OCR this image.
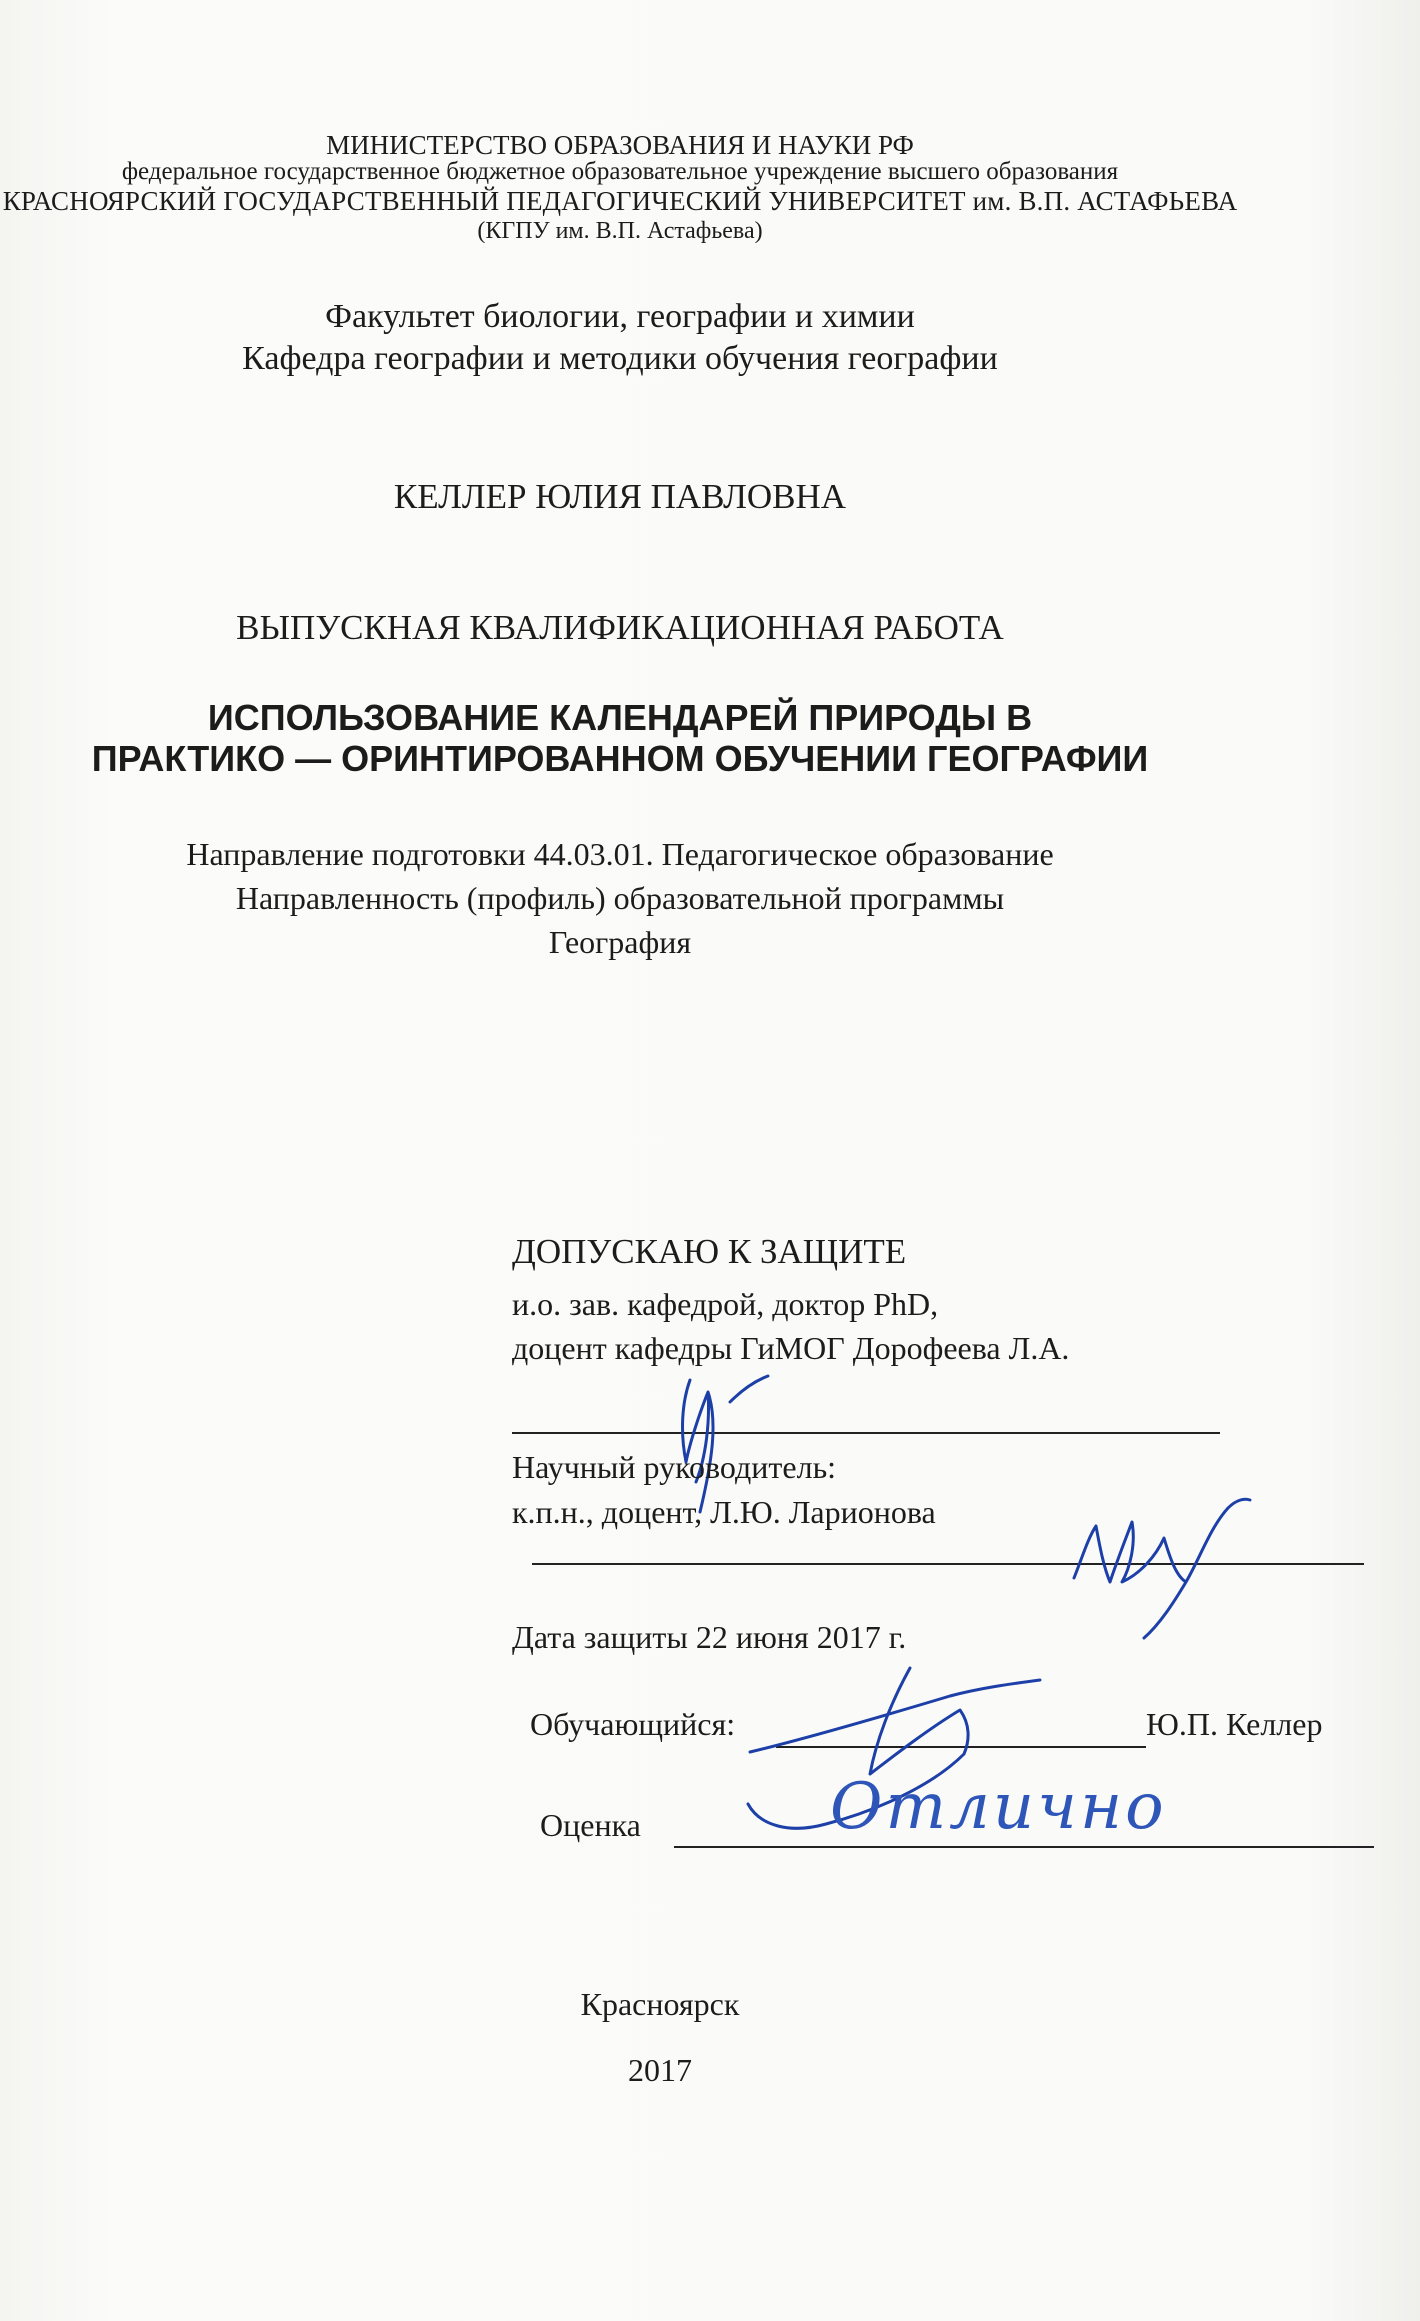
МИНИСТЕРСТВО ОБРАЗОВАНИЯ И НАУКИ РФ
федеральное государственное бюджетное образовательное учреждение высшего образования
КРАСНОЯРСКИЙ ГОСУДАРСТВЕННЫЙ ПЕДАГОГИЧЕСКИЙ УНИВЕРСИТЕТ им. В.П. АСТАФЬЕВА
(КГПУ им. В.П. Астафьева)
Факультет биологии, географии и химии
Кафедра географии и методики обучения географии
КЕЛЛЕР ЮЛИЯ ПАВЛОВНА
ВЫПУСКНАЯ КВАЛИФИКАЦИОННАЯ РАБОТА
ИСПОЛЬЗОВАНИЕ КАЛЕНДАРЕЙ ПРИРОДЫ В
ПРАКТИКО — ОРИНТИРОВАННОМ ОБУЧЕНИИ ГЕОГРАФИИ
Направление подготовки 44.03.01. Педагогическое образование
Направленность (профиль) образовательной программы
География
ДОПУСКАЮ К ЗАЩИТЕ
и.о. зав. кафедрой, доктор PhD,
доцент кафедры ГиМОГ Дорофеева Л.А.
Научный руководитель:
к.п.н., доцент, Л.Ю. Ларионова
Дата защиты 22 июня 2017 г.
Обучающийся:	Ю.П. Келлер
Оценка	Отлично
Красноярск
2017
